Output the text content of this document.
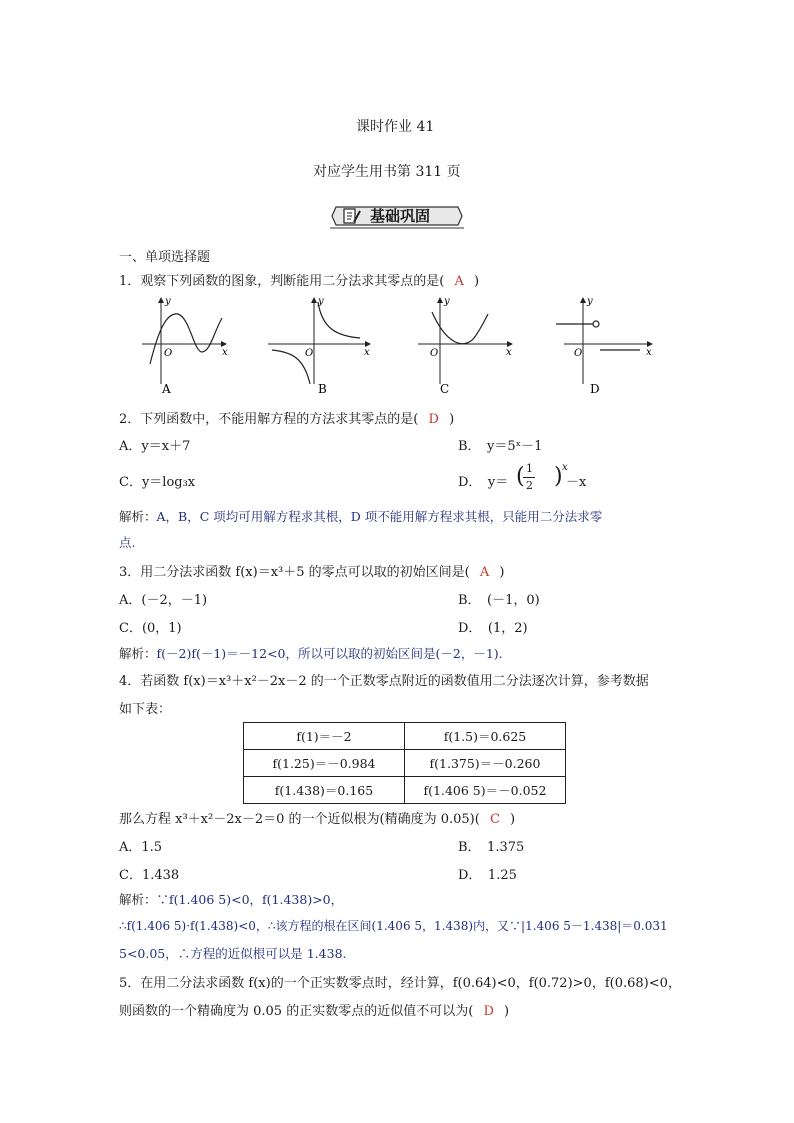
课时作业 41
对应学生用书第 311 页
基础巩固
一、单项选择题
1．观察下列函数的图象，判断能用二分法求其零点的是( A )
y
x
O
A
y
x
O
B
y
x
O
C
y
x
O
D
2．下列函数中，不能用解方程的方法求其零点的是( D )
A．y＝x＋7	B．　y＝5ˣ－1
C．y＝log₃x	D．　y＝ ( 1
2 ) x
－x
解析：A，B，C 项均可用解方程求其根，D 项不能用解方程求其根，只能用二分法求零
点.
3．用二分法求函数 f(x)＝x³＋5 的零点可以取的初始区间是( A )
A．(－2，－1)	B．　(－1，0)
C．(0，1)	D．　(1，2)
解析：f(－2)f(－1)＝－12<0，所以可以取的初始区间是(－2，－1).
4．若函数 f(x)＝x³＋x²－2x－2 的一个正数零点附近的函数值用二分法逐次计算，参考数据
如下表：
f(1)＝－2	f(1.5)＝0.625
f(1.25)＝－0.984	f(1.375)＝－0.260
f(1.438)＝0.165	f(1.406 5)＝－0.052
那么方程 x³＋x²－2x－2＝0 的一个近似根为(精确度为 0.05)( C )
A．1.5	B．　1.375
C．1.438	D．　1.25
解析：∵f(1.406 5)<0，f(1.438)>0，
∴f(1.406 5)·f(1.438)<0，∴该方程的根在区间(1.406 5，1.438)内，又∵|1.406 5－1.438|＝0.031
5<0.05，∴方程的近似根可以是 1.438.
5．在用二分法求函数 f(x)的一个正实数零点时，经计算，f(0.64)<0，f(0.72)>0，f(0.68)<0，
则函数的一个精确度为 0.05 的正实数零点的近似值不可以为( D )
